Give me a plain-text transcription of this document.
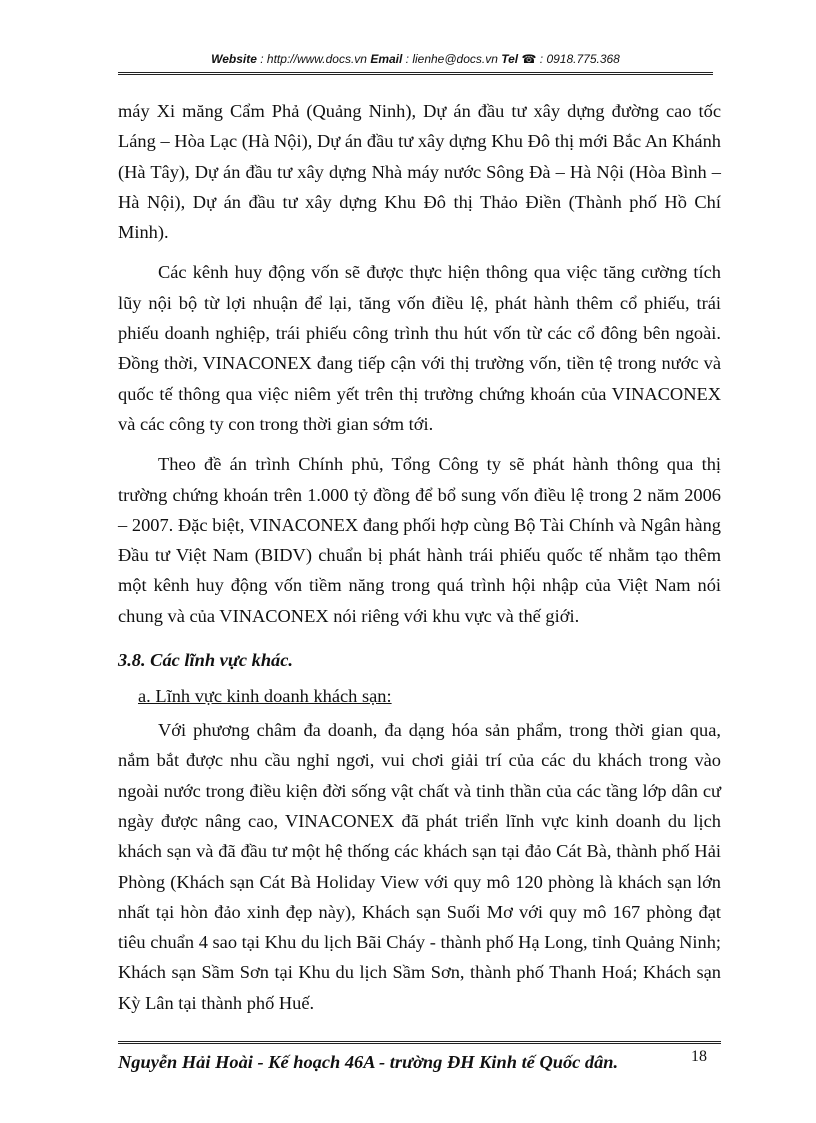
Website : http://www.docs.vn Email : lienhe@docs.vn Tel ☎ : 0918.775.368

máy Xi măng Cẩm Phả (Quảng Ninh), Dự án đầu tư xây dựng đường cao tốc Láng – Hòa Lạc (Hà Nội), Dự án đầu tư xây dựng Khu Đô thị mới Bắc An Khánh (Hà Tây), Dự án đầu tư xây dựng Nhà máy nước Sông Đà – Hà Nội (Hòa Bình – Hà Nội), Dự án đầu tư xây dựng Khu Đô thị Thảo Điền (Thành phố Hồ Chí Minh).

Các kênh huy động vốn sẽ được thực hiện thông qua việc tăng cường tích lũy nội bộ từ lợi nhuận để lại, tăng vốn điều lệ, phát hành thêm cổ phiếu, trái phiếu doanh nghiệp, trái phiếu công trình thu hút vốn từ các cổ đông bên ngoài. Đồng thời, VINACONEX đang tiếp cận với thị trường vốn, tiền tệ trong nước và quốc tế thông qua việc niêm yết trên thị trường chứng khoán của VINACONEX và các công ty con trong thời gian sớm tới.

Theo đề án trình Chính phủ, Tổng Công ty sẽ phát hành thông qua thị trường chứng khoán trên 1.000 tỷ đồng để bổ sung vốn điều lệ trong 2 năm 2006 – 2007. Đặc biệt, VINACONEX đang phối hợp cùng Bộ Tài Chính và Ngân hàng Đầu tư Việt Nam (BIDV) chuẩn bị phát hành trái phiếu quốc tế nhằm tạo thêm một kênh huy động vốn tiềm năng trong quá trình hội nhập của Việt Nam nói chung và của VINACONEX nói riêng với khu vực và thế giới.

3.8. Các lĩnh vực khác.
a. Lĩnh vực kinh doanh khách sạn:

Với phương châm đa doanh, đa dạng hóa sản phẩm, trong thời gian qua, nắm bắt được nhu cầu nghỉ ngơi, vui chơi giải trí của các du khách trong vào ngoài nước trong điều kiện đời sống vật chất và tinh thần của các tầng lớp dân cư ngày được nâng cao, VINACONEX đã phát triển lĩnh vực kinh doanh du lịch khách sạn và đã đầu tư một hệ thống các khách sạn tại đảo Cát Bà, thành phố Hải Phòng (Khách sạn Cát Bà Holiday View với quy mô 120 phòng là khách sạn lớn nhất tại hòn đảo xinh đẹp này), Khách sạn Suối Mơ với quy mô 167 phòng đạt tiêu chuẩn 4 sao tại Khu du lịch Bãi Cháy - thành phố Hạ Long, tỉnh Quảng Ninh; Khách sạn Sầm Sơn tại Khu du lịch Sầm Sơn, thành phố Thanh Hoá; Khách sạn Kỳ Lân tại thành phố Huế.

Nguyễn Hải Hoài - Kế hoạch 46A - trường ĐH Kinh tế Quốc dân.	18
